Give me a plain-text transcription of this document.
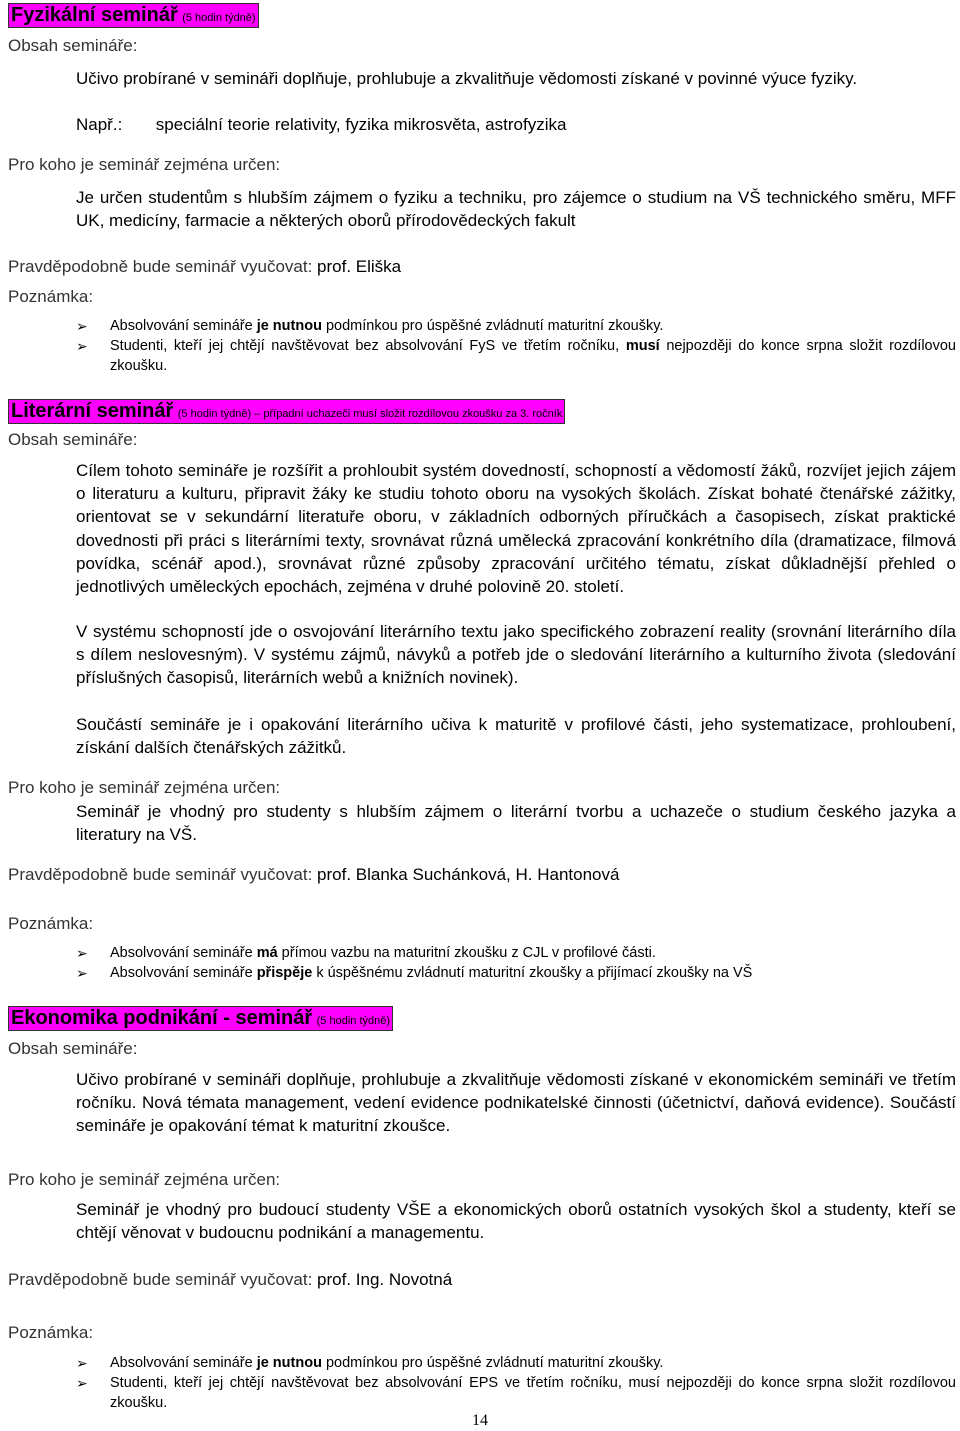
Fyzikální seminář (5 hodin týdně)
Obsah semináře:
Učivo probírané v semináři doplňuje, prohlubuje a zkvalitňuje vědomosti získané v povinné výuce fyziky.
Např.: speciální teorie relativity, fyzika mikrosvěta, astrofyzika
Pro koho je seminář zejména určen:
Je určen studentům s hlubším zájmem o fyziku a techniku, pro zájemce o studium na VŠ technického směru, MFF UK, medicíny, farmacie a některých oborů přírodovědeckých fakult
Pravděpodobně bude seminář vyučovat: prof. Eliška
Poznámka:
➢ Absolvování semináře je nutnou podmínkou pro úspěšné zvládnutí maturitní zkoušky.
➢ Studenti, kteří jej chtějí navštěvovat bez absolvování FyS ve třetím ročníku, musí nejpozději do konce srpna složit rozdílovou zkoušku.
Literární seminář (5 hodin týdně) – případní uchazeči musí složit rozdílovou zkoušku za 3. ročník
Obsah semináře:
Cílem tohoto semináře je rozšířit a prohloubit systém dovedností, schopností a vědomostí žáků, rozvíjet jejich zájem o literaturu a kulturu, připravit žáky ke studiu tohoto oboru na vysokých školách. Získat bohaté čtenářské zážitky, orientovat se v sekundární literatuře oboru, v základních odborných příručkách a časopisech, získat praktické dovednosti při práci s literárními texty, srovnávat různá umělecká zpracování konkrétního díla (dramatizace, filmová povídka, scénář apod.), srovnávat různé způsoby zpracování určitého tématu, získat důkladnější přehled o jednotlivých uměleckých epochách, zejména v druhé polovině 20. století.
V systému schopností jde o osvojování literárního textu jako specifického zobrazení reality (srovnání literárního díla s dílem neslovesným). V systému zájmů, návyků a potřeb jde o sledování literárního a kulturního života (sledování příslušných časopisů, literárních webů a knižních novinek).
Součástí semináře je i opakování literárního učiva k maturitě v profilové části, jeho systematizace, prohloubení, získání dalších čtenářských zážitků.
Pro koho je seminář zejména určen:
Seminář je vhodný pro studenty s hlubším zájmem o literární tvorbu a uchazeče o studium českého jazyka a literatury na VŠ.
Pravděpodobně bude seminář vyučovat: prof. Blanka Suchánková, H. Hantonová
Poznámka:
➢ Absolvování semináře má přímou vazbu na maturitní zkoušku z CJL v profilové části.
➢ Absolvování semináře přispěje k úspěšnému zvládnutí maturitní zkoušky a přijímací zkoušky na VŠ
Ekonomika podnikání - seminář (5 hodin týdně)
Obsah semináře:
Učivo probírané v semináři doplňuje, prohlubuje a zkvalitňuje vědomosti získané v ekonomickém semináři ve třetím ročníku. Nová témata management, vedení evidence podnikatelské činnosti (účetnictví, daňová evidence). Součástí semináře je opakování témat k maturitní zkoušce.
Pro koho je seminář zejména určen:
Seminář je vhodný pro budoucí studenty VŠE a ekonomických oborů ostatních vysokých škol a studenty, kteří se chtějí věnovat v budoucnu podnikání a managementu.
Pravděpodobně bude seminář vyučovat: prof. Ing. Novotná
Poznámka:
➢ Absolvování semináře je nutnou podmínkou pro úspěšné zvládnutí maturitní zkoušky.
➢ Studenti, kteří jej chtějí navštěvovat bez absolvování EPS ve třetím ročníku, musí nejpozději do konce srpna složit rozdílovou zkoušku.
14
